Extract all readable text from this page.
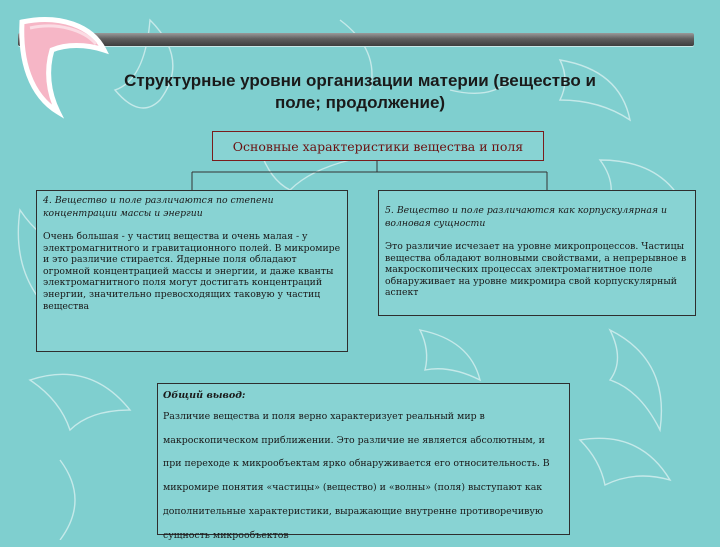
Структурные уровни организации материи (вещество и
поле; продолжение)
Основные характеристики вещества и поля
4. Вещество и поле различаются по степени концентрации массы и энергии
Очень большая - у частиц вещества и очень малая - у электромагнитного и гравитационного полей. В микромире и это различие стирается. Ядерные поля обладают огромной концентрацией массы и энергии, и даже кванты электромагнитного поля могут достигать концентраций энергии, значительно превосходящих таковую у частиц вещества
5. Вещество и поле различаются как корпускулярная и волновая сущности
Это различие исчезает на уровне микропроцессов. Частицы вещества обладают волновыми свойствами, а непрерывное в макроскопических процессах электромагнитное поле обнаруживает на уровне микромира свой корпускулярный аспект
Общий вывод:
Различие вещества и поля верно характеризует реальный мир в макроскопическом приближении. Это различие не является абсолютным, и при переходе к микрообъектам ярко обнаруживается его относительность. В микромире понятия «частицы» (вещество) и «волны» (поля) выступают как дополнительные характеристики, выражающие внутренне противоречивую сущность микрообъектов
